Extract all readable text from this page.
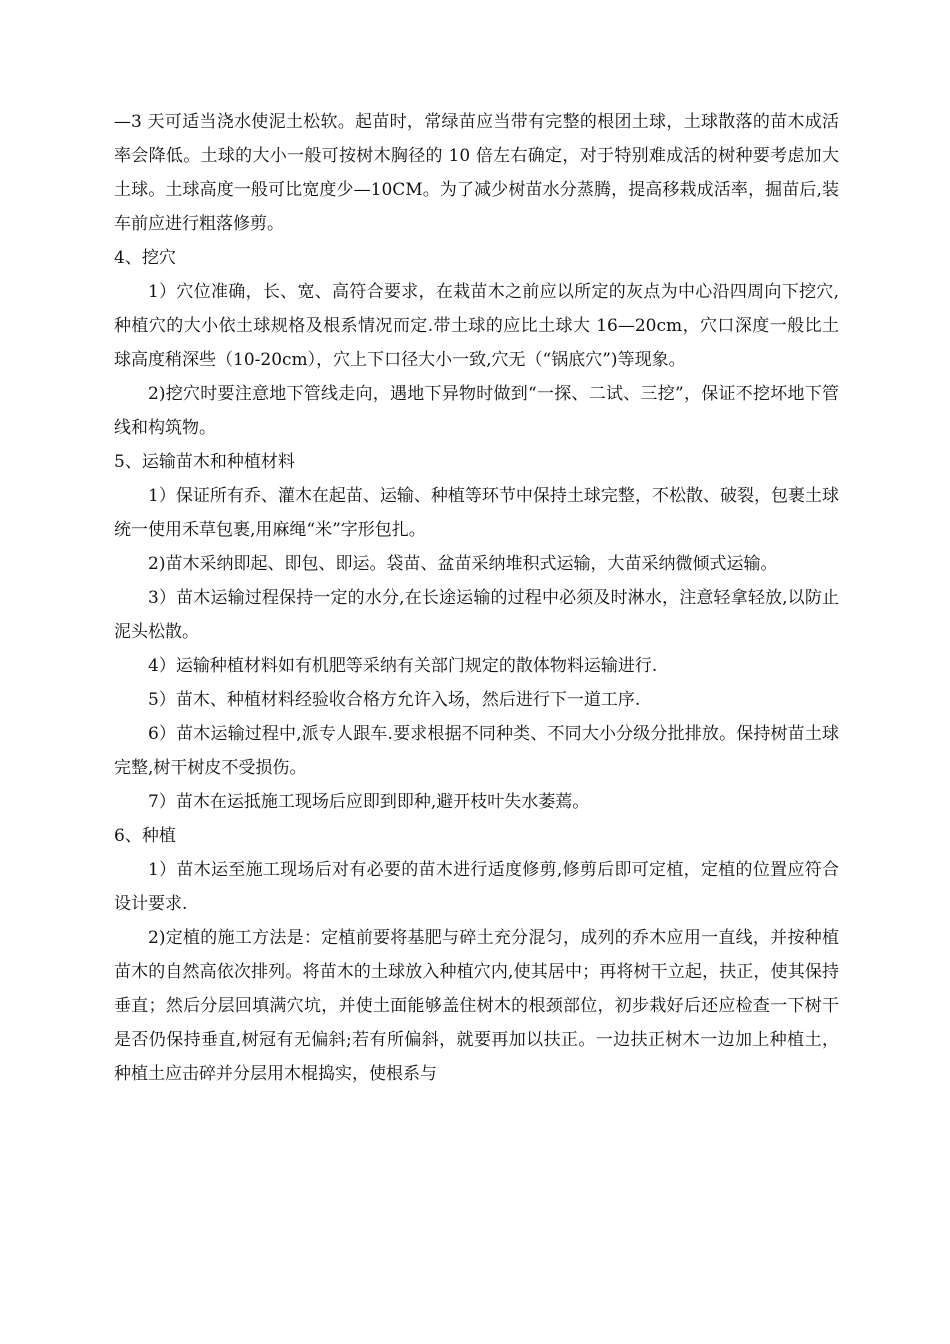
—3 天可适当浇水使泥土松软。起苗时，常绿苗应当带有完整的根团土球，土球散落的苗木成活率会降低。土球的大小一般可按树木胸径的 10 倍左右确定，对于特别难成活的树种要考虑加大土球。土球高度一般可比宽度少—10CM。为了减少树苗水分蒸腾，提高移栽成活率，掘苗后,装车前应进行粗落修剪。

4、挖穴

1）穴位准确，长、宽、高符合要求，在栽苗木之前应以所定的灰点为中心沿四周向下挖穴,种植穴的大小依土球规格及根系情况而定.带土球的应比土球大 16—20cm，穴口深度一般比土球高度稍深些（10-20cm），穴上下口径大小一致,穴无（“锅底穴”)等现象。

2)挖穴时要注意地下管线走向，遇地下异物时做到“一探、二试、三挖”，保证不挖坏地下管线和构筑物。

5、运输苗木和种植材料

1）保证所有乔、灌木在起苗、运输、种植等环节中保持土球完整，不松散、破裂，包裹土球统一使用禾草包裹,用麻绳“米”字形包扎。

2)苗木采纳即起、即包、即运。袋苗、盆苗采纳堆积式运输，大苗采纳微倾式运输。

3）苗木运输过程保持一定的水分,在长途运输的过程中必须及时淋水，注意轻拿轻放,以防止泥头松散。

4）运输种植材料如有机肥等采纳有关部门规定的散体物料运输进行.

5）苗木、种植材料经验收合格方允许入场，然后进行下一道工序.

6）苗木运输过程中,派专人跟车.要求根据不同种类、不同大小分级分批排放。保持树苗土球完整,树干树皮不受损伤。

7）苗木在运抵施工现场后应即到即种,避开枝叶失水萎蔫。

6、种植

1）苗木运至施工现场后对有必要的苗木进行适度修剪,修剪后即可定植，定植的位置应符合设计要求.

2)定植的施工方法是：定植前要将基肥与碎土充分混匀，成列的乔木应用一直线，并按种植苗木的自然高依次排列。将苗木的土球放入种植穴内,使其居中；再将树干立起，扶正，使其保持垂直；然后分层回填满穴坑，并使土面能够盖住树木的根颈部位，初步栽好后还应检查一下树干是否仍保持垂直,树冠有无偏斜;若有所偏斜，就要再加以扶正。一边扶正树木一边加上种植土，种植土应击碎并分层用木棍捣实，使根系与
